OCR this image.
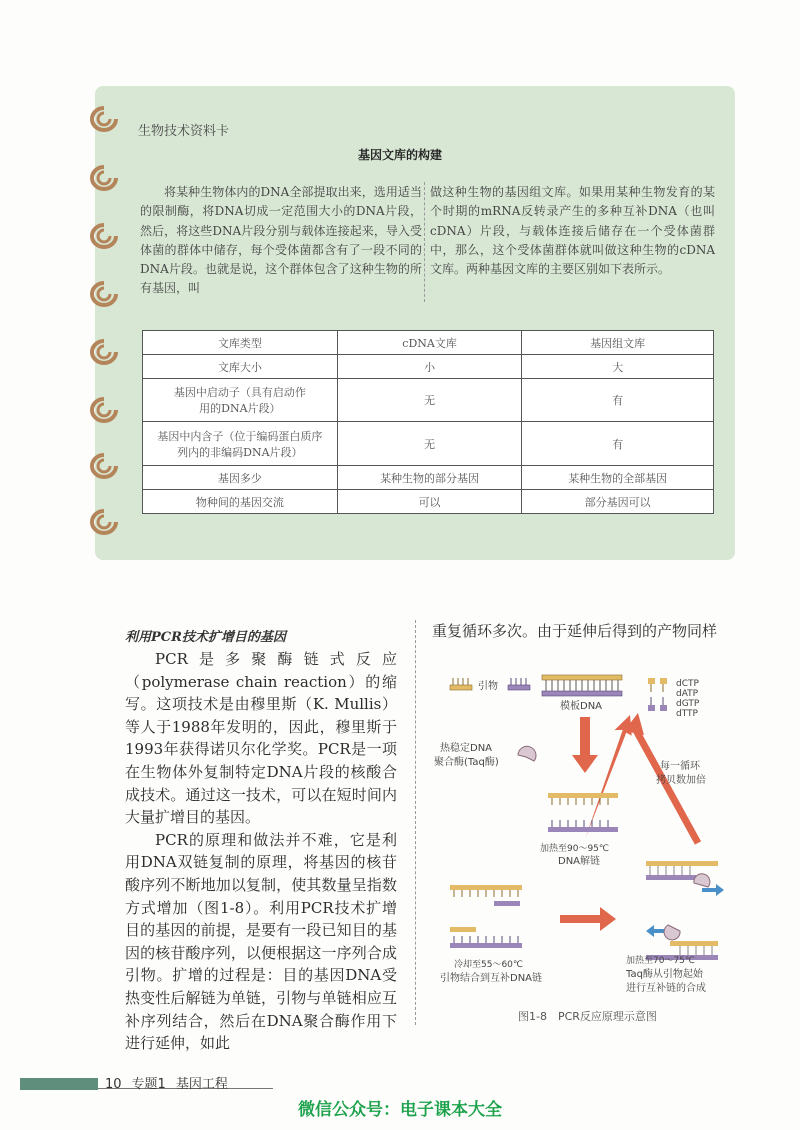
生物技术资料卡
基因文库的构建
将某种生物体内的DNA全部提取出来，选用适当的限制酶，将DNA切成一定范围大小的DNA片段，然后，将这些DNA片段分别与载体连接起来，导入受体菌的群体中储存，每个受体菌都含有了一段不同的DNA片段。也就是说，这个群体包含了这种生物的所有基因，叫
做这种生物的基因组文库。如果用某种生物发育的某个时期的mRNA反转录产生的多种互补DNA（也叫cDNA）片段，与载体连接后储存在一个受体菌群中，那么，这个受体菌群体就叫做这种生物的cDNA文库。两种基因文库的主要区别如下表所示。
文库类型	cDNA文库	基因组文库
文库大小	小	大
基因中启动子（具有启动作用的DNA片段）	无	有
基因中内含子（位于编码蛋白质序列内的非编码DNA片段）	无	有
基因多少	某种生物的部分基因	某种生物的全部基因
物种间的基因交流	可以	部分基因可以
利用PCR技术扩增目的基因

PCR是多聚酶链式反应（polymerase chain reaction）的缩写。这项技术是由穆里斯（K. Mullis）等人于1988年发明的，因此，穆里斯于1993年获得诺贝尔化学奖。PCR是一项在生物体外复制特定DNA片段的核酸合成技术。通过这一技术，可以在短时间内大量扩增目的基因。

PCR的原理和做法并不难，它是利用DNA双链复制的原理，将基因的核苷酸序列不断地加以复制，使其数量呈指数方式增加（图1-8）。利用PCR技术扩增目的基因的前提，是要有一段已知目的基因的核苷酸序列，以便根据这一序列合成引物。扩增的过程是：目的基因DNA受热变性后解链为单链，引物与单链相应互补序列结合，然后在DNA聚合酶作用下进行延伸，如此

重复循环多次。由于延伸后得到的产物同样
引物
模板DNA
dCTP
dATP
dGTP
dTTP
热稳定DNA
聚合酶(Taq酶)	每一循环
拷贝数加倍
加热至90～95℃
DNA解链
冷却至55～60℃
引物结合到互补DNA链
加热至70～75℃
Taq酶从引物起始
进行互补链的合成
图1-8　PCR反应原理示意图
10 专题1 基因工程
微信公众号：电子课本大全
